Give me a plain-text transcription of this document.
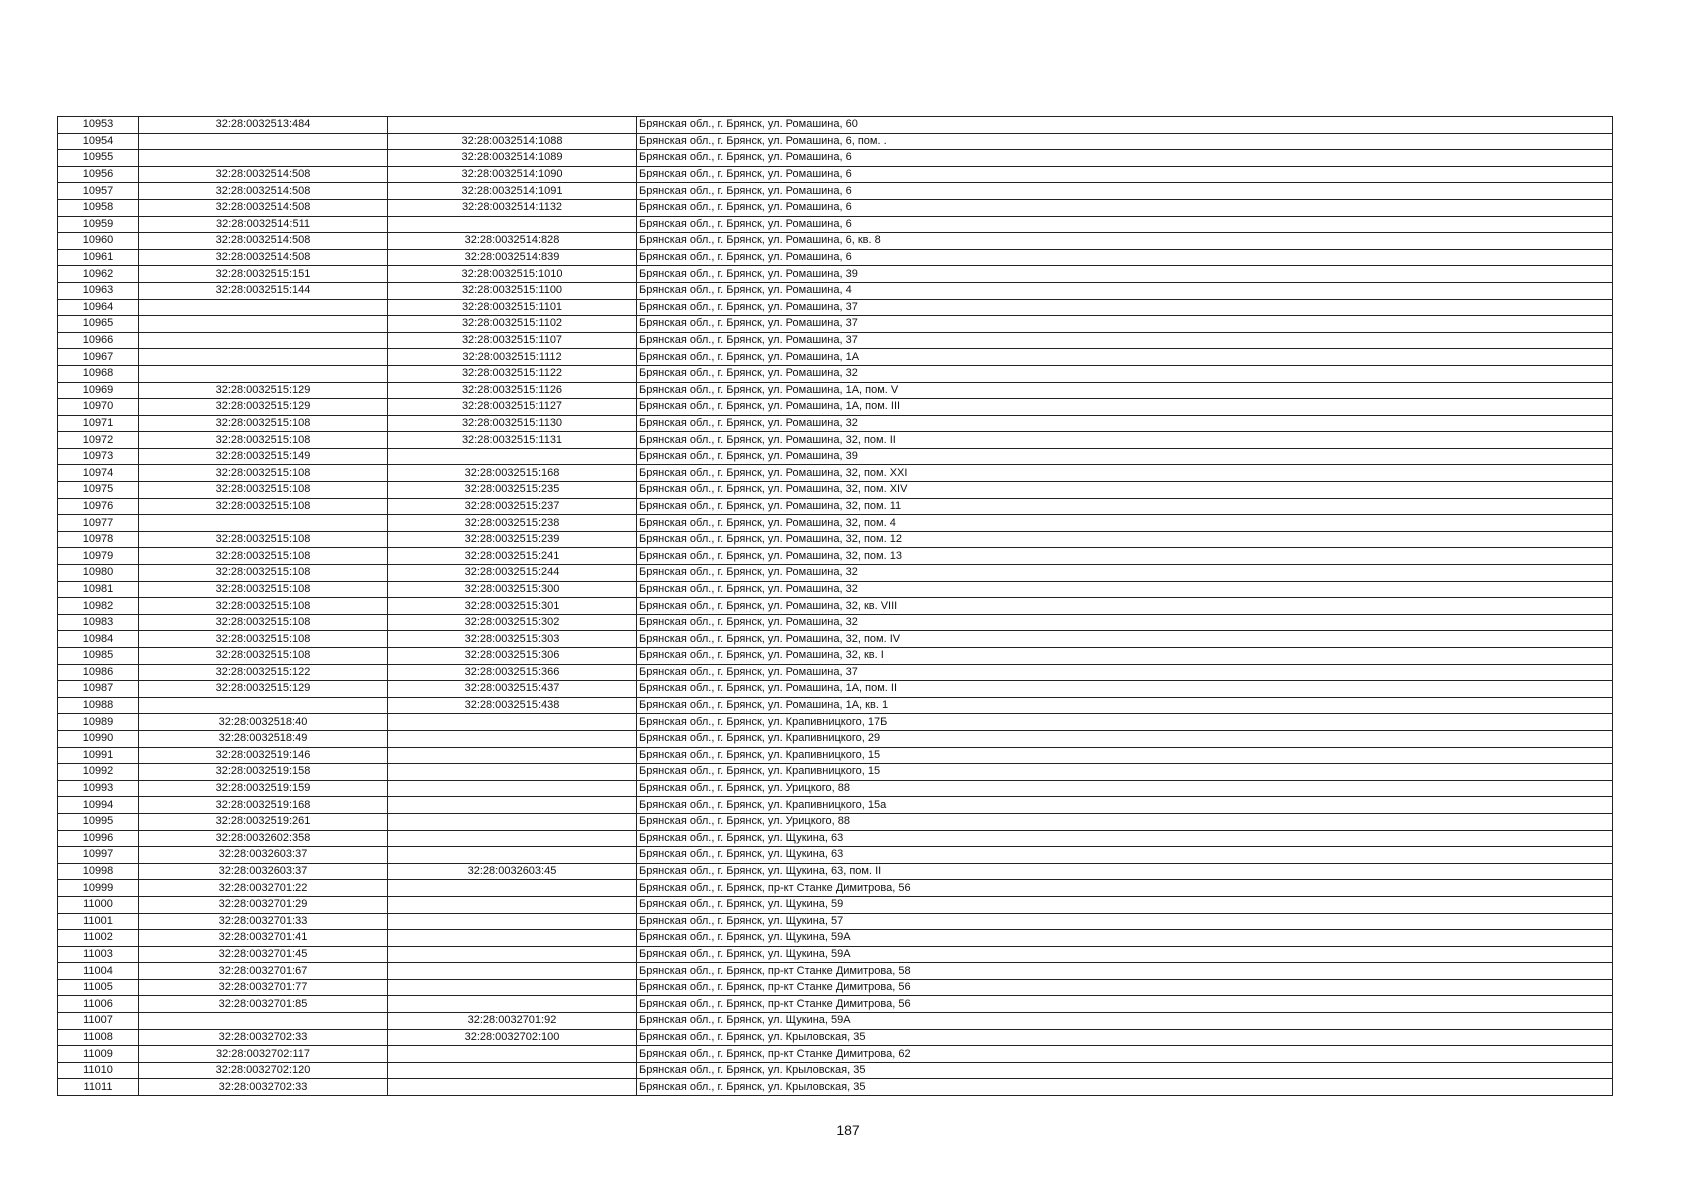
10953	32:28:0032513:484		Брянская обл., г. Брянск, ул. Ромашина, 60
10954		32:28:0032514:1088	Брянская обл., г. Брянск, ул. Ромашина, 6, пом. .
10955		32:28:0032514:1089	Брянская обл., г. Брянск, ул. Ромашина, 6
10956	32:28:0032514:508	32:28:0032514:1090	Брянская обл., г. Брянск, ул. Ромашина, 6
10957	32:28:0032514:508	32:28:0032514:1091	Брянская обл., г. Брянск, ул. Ромашина, 6
10958	32:28:0032514:508	32:28:0032514:1132	Брянская обл., г. Брянск, ул. Ромашина, 6
10959	32:28:0032514:511		Брянская обл., г. Брянск, ул. Ромашина, 6
10960	32:28:0032514:508	32:28:0032514:828	Брянская обл., г. Брянск, ул. Ромашина, 6, кв. 8
10961	32:28:0032514:508	32:28:0032514:839	Брянская обл., г. Брянск, ул. Ромашина, 6
10962	32:28:0032515:151	32:28:0032515:1010	Брянская обл., г. Брянск, ул. Ромашина, 39
10963	32:28:0032515:144	32:28:0032515:1100	Брянская обл., г. Брянск, ул. Ромашина, 4
10964		32:28:0032515:1101	Брянская обл., г. Брянск, ул. Ромашина, 37
10965		32:28:0032515:1102	Брянская обл., г. Брянск, ул. Ромашина, 37
10966		32:28:0032515:1107	Брянская обл., г. Брянск, ул. Ромашина, 37
10967		32:28:0032515:1112	Брянская обл., г. Брянск, ул. Ромашина, 1А
10968		32:28:0032515:1122	Брянская обл., г. Брянск, ул. Ромашина, 32
10969	32:28:0032515:129	32:28:0032515:1126	Брянская обл., г. Брянск, ул. Ромашина, 1А, пом. V
10970	32:28:0032515:129	32:28:0032515:1127	Брянская обл., г. Брянск, ул. Ромашина, 1А, пом. III
10971	32:28:0032515:108	32:28:0032515:1130	Брянская обл., г. Брянск, ул. Ромашина, 32
10972	32:28:0032515:108	32:28:0032515:1131	Брянская обл., г. Брянск, ул. Ромашина, 32, пом. II
10973	32:28:0032515:149		Брянская обл., г. Брянск, ул. Ромашина, 39
10974	32:28:0032515:108	32:28:0032515:168	Брянская обл., г. Брянск, ул. Ромашина, 32, пом. XXI
10975	32:28:0032515:108	32:28:0032515:235	Брянская обл., г. Брянск, ул. Ромашина, 32, пом. XIV
10976	32:28:0032515:108	32:28:0032515:237	Брянская обл., г. Брянск, ул. Ромашина, 32, пом. 11
10977		32:28:0032515:238	Брянская обл., г. Брянск, ул. Ромашина, 32, пом. 4
10978	32:28:0032515:108	32:28:0032515:239	Брянская обл., г. Брянск, ул. Ромашина, 32, пом. 12
10979	32:28:0032515:108	32:28:0032515:241	Брянская обл., г. Брянск, ул. Ромашина, 32, пом. 13
10980	32:28:0032515:108	32:28:0032515:244	Брянская обл., г. Брянск, ул. Ромашина, 32
10981	32:28:0032515:108	32:28:0032515:300	Брянская обл., г. Брянск, ул. Ромашина, 32
10982	32:28:0032515:108	32:28:0032515:301	Брянская обл., г. Брянск, ул. Ромашина, 32, кв. VIII
10983	32:28:0032515:108	32:28:0032515:302	Брянская обл., г. Брянск, ул. Ромашина, 32
10984	32:28:0032515:108	32:28:0032515:303	Брянская обл., г. Брянск, ул. Ромашина, 32, пом. IV
10985	32:28:0032515:108	32:28:0032515:306	Брянская обл., г. Брянск, ул. Ромашина, 32, кв. I
10986	32:28:0032515:122	32:28:0032515:366	Брянская обл., г. Брянск, ул. Ромашина, 37
10987	32:28:0032515:129	32:28:0032515:437	Брянская обл., г. Брянск, ул. Ромашина, 1А, пом. II
10988		32:28:0032515:438	Брянская обл., г. Брянск, ул. Ромашина, 1А, кв. 1
10989	32:28:0032518:40		Брянская обл., г. Брянск, ул. Крапивницкого, 17Б
10990	32:28:0032518:49		Брянская обл., г. Брянск, ул. Крапивницкого, 29
10991	32:28:0032519:146		Брянская обл., г. Брянск, ул. Крапивницкого, 15
10992	32:28:0032519:158		Брянская обл., г. Брянск, ул. Крапивницкого, 15
10993	32:28:0032519:159		Брянская обл., г. Брянск, ул. Урицкого, 88
10994	32:28:0032519:168		Брянская обл., г. Брянск, ул. Крапивницкого, 15а
10995	32:28:0032519:261		Брянская обл., г. Брянск, ул. Урицкого, 88
10996	32:28:0032602:358		Брянская обл., г. Брянск, ул. Щукина, 63
10997	32:28:0032603:37		Брянская обл., г. Брянск, ул. Щукина, 63
10998	32:28:0032603:37	32:28:0032603:45	Брянская обл., г. Брянск, ул. Щукина, 63, пом. II
10999	32:28:0032701:22		Брянская обл., г. Брянск, пр-кт Станке Димитрова, 56
11000	32:28:0032701:29		Брянская обл., г. Брянск, ул. Щукина, 59
11001	32:28:0032701:33		Брянская обл., г. Брянск, ул. Щукина, 57
11002	32:28:0032701:41		Брянская обл., г. Брянск, ул. Щукина, 59А
11003	32:28:0032701:45		Брянская обл., г. Брянск, ул. Щукина, 59А
11004	32:28:0032701:67		Брянская обл., г. Брянск, пр-кт Станке Димитрова, 58
11005	32:28:0032701:77		Брянская обл., г. Брянск, пр-кт Станке Димитрова, 56
11006	32:28:0032701:85		Брянская обл., г. Брянск, пр-кт Станке Димитрова, 56
11007		32:28:0032701:92	Брянская обл., г. Брянск, ул. Щукина, 59А
11008	32:28:0032702:33	32:28:0032702:100	Брянская обл., г. Брянск, ул. Крыловская, 35
11009	32:28:0032702:117		Брянская обл., г. Брянск, пр-кт Станке Димитрова, 62
11010	32:28:0032702:120		Брянская обл., г. Брянск, ул. Крыловская, 35
11011	32:28:0032702:33		Брянская обл., г. Брянск, ул. Крыловская, 35
187
